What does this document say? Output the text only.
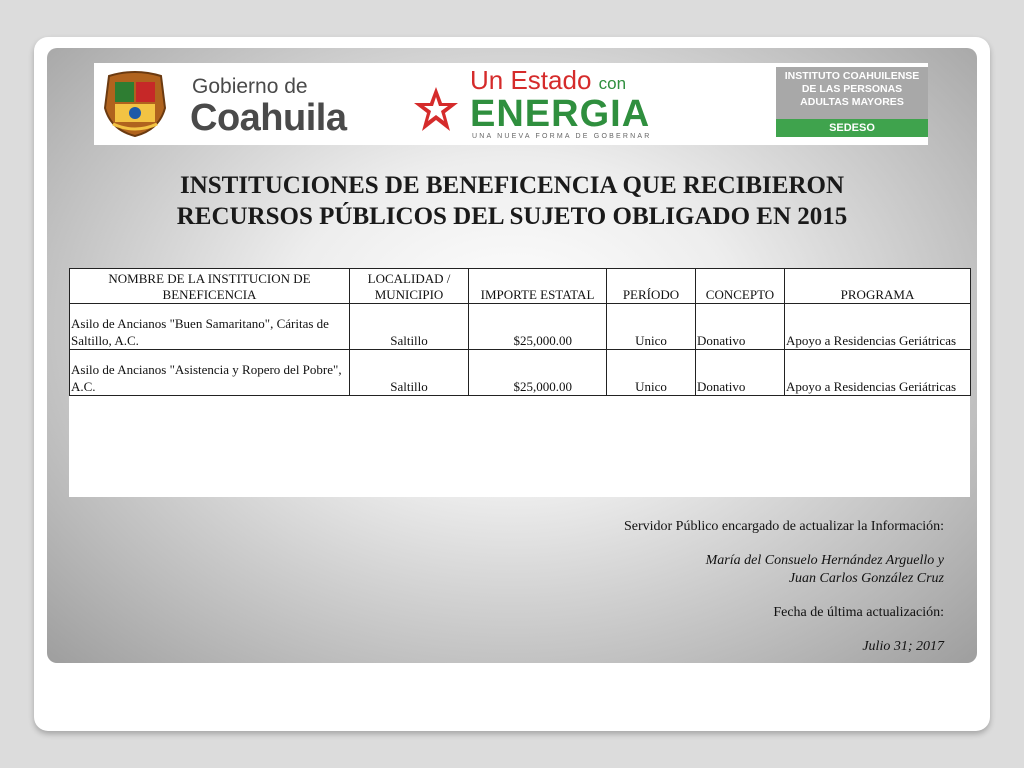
Gobierno de
Coahuila
Un Estado con
ENERGIA
UNA NUEVA FORMA DE GOBERNAR
INSTITUTO COAHUILENSE
DE LAS PERSONAS
ADULTAS MAYORES
SEDESO
INSTITUCIONES DE BENEFICENCIA QUE RECIBIERON
RECURSOS PÚBLICOS DEL SUJETO OBLIGADO EN 2015
NOMBRE DE LA INSTITUCION DE BENEFICENCIA	LOCALIDAD / MUNICIPIO	IMPORTE ESTATAL	PERÍODO	CONCEPTO	PROGRAMA
Asilo de Ancianos "Buen Samaritano", Cáritas de Saltillo, A.C.	Saltillo	$25,000.00	Unico	Donativo	Apoyo a Residencias Geriátricas
Asilo de Ancianos "Asistencia y Ropero del Pobre", A.C.	Saltillo	$25,000.00	Unico	Donativo	Apoyo a Residencias Geriátricas
Servidor Público encargado de actualizar la Información:
María del Consuelo Hernández Arguello y
Juan Carlos González Cruz
Fecha de última actualización:
Julio 31; 2017
